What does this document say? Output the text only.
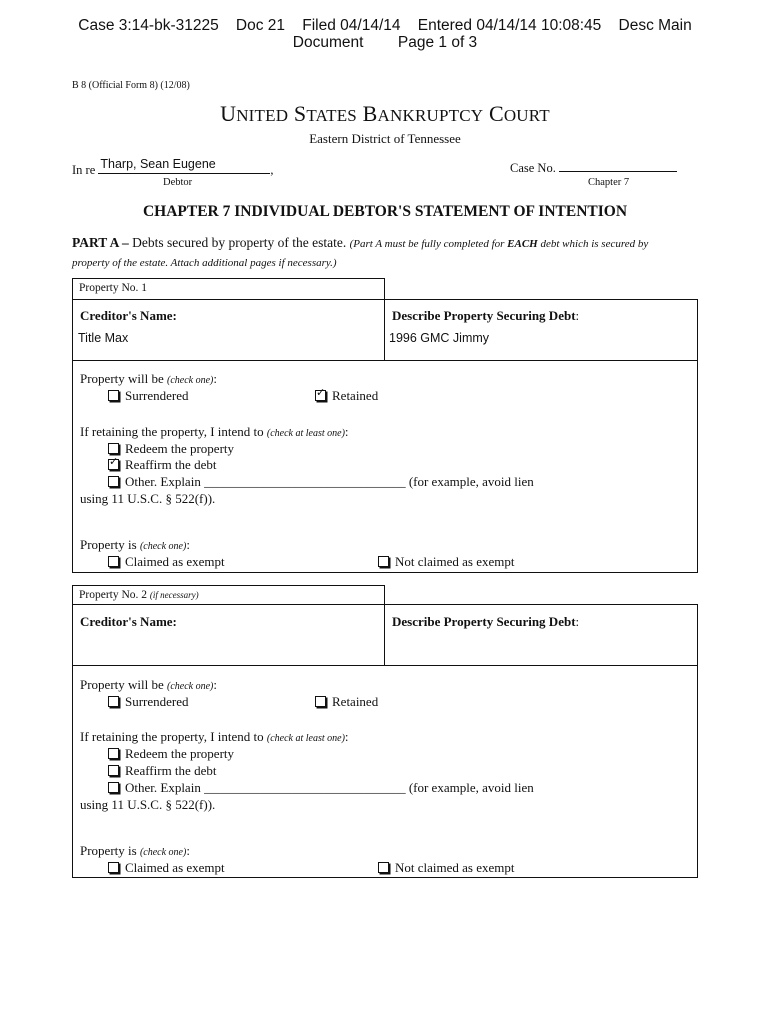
Case 3:14-bk-31225    Doc 21    Filed 04/14/14    Entered 04/14/14 10:08:45    Desc Main
Document        Page 1 of 3
B 8 (Official Form 8) (12/08)
UNITED STATES BANKRUPTCY COURT
Eastern District of Tennessee
In re Tharp, Sean Eugene	,
Debtor
Case No.
Chapter 7
CHAPTER 7 INDIVIDUAL DEBTOR'S STATEMENT OF INTENTION
PART A – Debts secured by property of the estate. (Part A must be fully completed for EACH debt which is secured by property of the estate. Attach additional pages if necessary.)
Property No. 1
Creditor's Name:
Title Max
Describe Property Securing Debt:
1996 GMC Jimmy
Property will be (check one):
Surrendered
✓	Retained
If retaining the property, I intend to (check at least one):
Redeem the property
✓Reaffirm the debt
Other. Explain _______________________________ (for example, avoid lien
using 11 U.S.C. § 522(f)).
Property is (check one):
Claimed as exempt	Not claimed as exempt
Property No. 2 (if necessary)
Creditor's Name:	Describe Property Securing Debt:
Property will be (check one):
Surrendered	Retained
If retaining the property, I intend to (check at least one):
Redeem the property
Reaffirm the debt
Other. Explain _______________________________ (for example, avoid lien
using 11 U.S.C. § 522(f)).
Property is (check one):
Claimed as exempt	Not claimed as exempt
